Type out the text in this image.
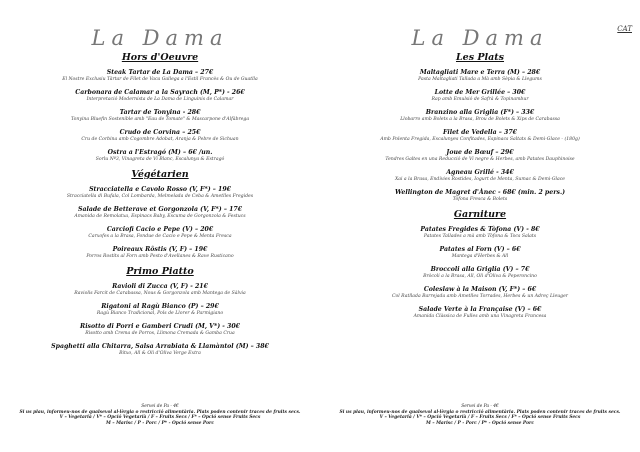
La Dama
Hors d'Oeuvre
Steak Tartar de La Dama – 27€
El Nostre Exclusiu Tàrtar de Filet de Vaca Gallega a l'Estil Francès & Ou de Guatlla
Carbonara de Calamar a la Sayrach (M, P*) - 26€
Interpretació Modernista de La Dama de Linguinis de Calamar
Tartar de Tonyina - 28€
Tonyina Bluefin Sostenible amb "Eau de Tomate" & Mascarpone d'Alfàbrega
Crudo de Corvina – 25€
Cru de Corbina amb Cogombre Adobat, Aranja & Pebre de Sichuan
Ostra a l'Estragó (M) – 6€ /un.
Sorlu Nº3, Vinagreta de Vi Blanc, Escalunya & Estragó
Végétarien
Stracciatella e Cavolo Rosso (V, F*) – 19€
Stracciatella di Bufala, Col Lombarda, Melmelada de Ceba & Ametlles Fregides
Salade de Betterave et Gorgonzola (V, F*) – 17€
Amanida de Remolatxa, Espinacs Baby, Escuma de Gorgonzola & Festucs
Carciofi Cacio e Pepe (V) – 20€
Carxofes a la Brasa, Fondue de Cacio e Pepe & Menta Fresca
Poireaux Rôstis (V, F) – 19€
Porros Rostits al Forn amb Pesto d'Avellanes & Rave Rusticano
Primo Piatto
Ravioli di Zucca (V, F) - 21€
Raviolis Farcit de Carabassa, Nous & Gorgonzola amb Mantega de Sàlvia
Rigatoni al Ragù Bianco (P) – 29€
Ragù Bianco Tradicional, Pols de Llorer & Parmigiano
Risotto di Porri e Gamberi Crudi (M, V*) - 30€
Risotto amb Crema de Porros, Llimona Cremada & Gamba Crua
Spaghetti alla Chitarra, Salsa Arrabiata & Llamàntol (M) – 38€
Bitxo, All & Oli d'Oliva Verge Extra
Servei de Pa - 4€
Si us plau, informeu-nos de qualsevol al·lèrgia o restricció alimentària. Plats poden contenir traces de fruits secs.
V – Vegetarià / V* – Opció Vegetarià / F – Fruits Secs / F* – Opció sense Fruits Secs
M – Marisc / P - Porc / P* - Opció sense Porc
La Dama	CAT
Les Plats
Maltagliati Mare e Terra (M) – 28€
Pasta Maltagliati Tallada a Mà amb Sèpia & Llegums
Lotte de Mer Grillée – 30€
Rap amb Emulsió de Safrà & Topinambur
Branzino alla Griglia (F*) – 33€
Llobarro amb Bolets a la Brasa, Brou de Bolets & Xips de Carabassa
Filet de Vedella – 37€
Amb Polenta Fregida, Escalunyes Confitades, Espinacs Saltats & Demi-Glace - (180g)
Joue de Bœuf – 29€
Tendres Galtes en una Reducció de Vi negre & Herbes, amb Patates Dauphinoise
Agneau Grillé - 34€
Xai a la Brasa, Endívies Rostides, Iogurt de Menta, Sumac & Demi-Glace
Wellington de Magret d'Ànec - 68€ (min. 2 pers.)
Tòfona Fresca & Bolets
Garniture
Patates Fregides & Tòfona (V) - 8€
Patates Tallades a mà amb Tòfona & Tocs Salats
Patates al Forn (V) – 6€
Mantega d'Herbes & All
Broccoli alla Griglia (V) – 7€
Bròcoli a la Brasa, All, Oli d'Oliva & Peperoncino
Coleslaw à la Maison (V, F*) – 6€
Col Ratllada Barrejada amb Ametlles Torrades, Herbes & un Adreç Lleuger
Salade Verte à la Française (V) – 6€
Amanida Clàssica de Fulles amb una Vinagreta Francesa
Servei de Pa - 4€
Si us plau, informeu-nos de qualsevol al·lèrgia o restricció alimentària. Plats poden contenir traces de fruits secs.
V – Vegetarià / V* – Opció Vegetarià / F – Fruits Secs / F* – Opció sense Fruits Secs
M – Marisc / P - Porc / P* - Opció sense Porc
